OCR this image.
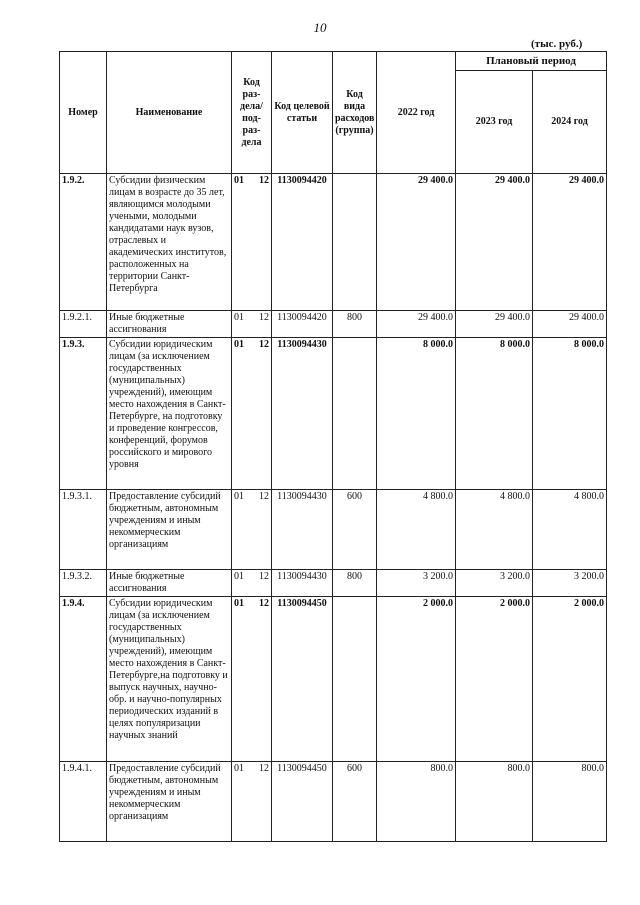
10
(тыс. руб.)
Номер	Наименование	Код раз-дела/ под-раз-дела	Код целевой статьи	Код вида расходов (группа)	2022 год	Плановый период	
						2023 год	2024 год
1.9.2.	Субсидии физическим лицам в возрасте до 35 лет, являющимся молодыми учеными, молодыми кандидатами наук вузов, отраслевых и академических институтов, расположенных на территории Санкт-Петербурга	01 12	1130094420		29 400.0	29 400.0	29 400.0
1.9.2.1.	Иные бюджетные ассигнования	01 12	1130094420	800	29 400.0	29 400.0	29 400.0
1.9.3.	Субсидии юридическим лицам (за исключением государственных (муниципальных) учреждений), имеющим место нахождения в Санкт-Петербурге, на подготовку и проведение конгрессов, конференций, форумов российского и мирового уровня	01 12	1130094430		8 000.0	8 000.0	8 000.0
1.9.3.1.	Предоставление субсидий бюджетным, автономным учреждениям и иным некоммерческим организациям	01 12	1130094430	600	4 800.0	4 800.0	4 800.0
1.9.3.2.	Иные бюджетные ассигнования	01 12	1130094430	800	3 200.0	3 200.0	3 200.0
1.9.4.	Субсидии юридическим лицам (за исключением государственных (муниципальных) учреждений), имеющим место нахождения в Санкт-Петербурге,на подготовку и выпуск научных, научно-обр. и научно-популярных периодических изданий в целях популяризации научных знаний	01 12	1130094450		2 000.0	2 000.0	2 000.0
1.9.4.1.	Предоставление субсидий бюджетным, автономным учреждениям и иным некоммерческим организациям	01 12	1130094450	600	800.0	800.0	800.0
